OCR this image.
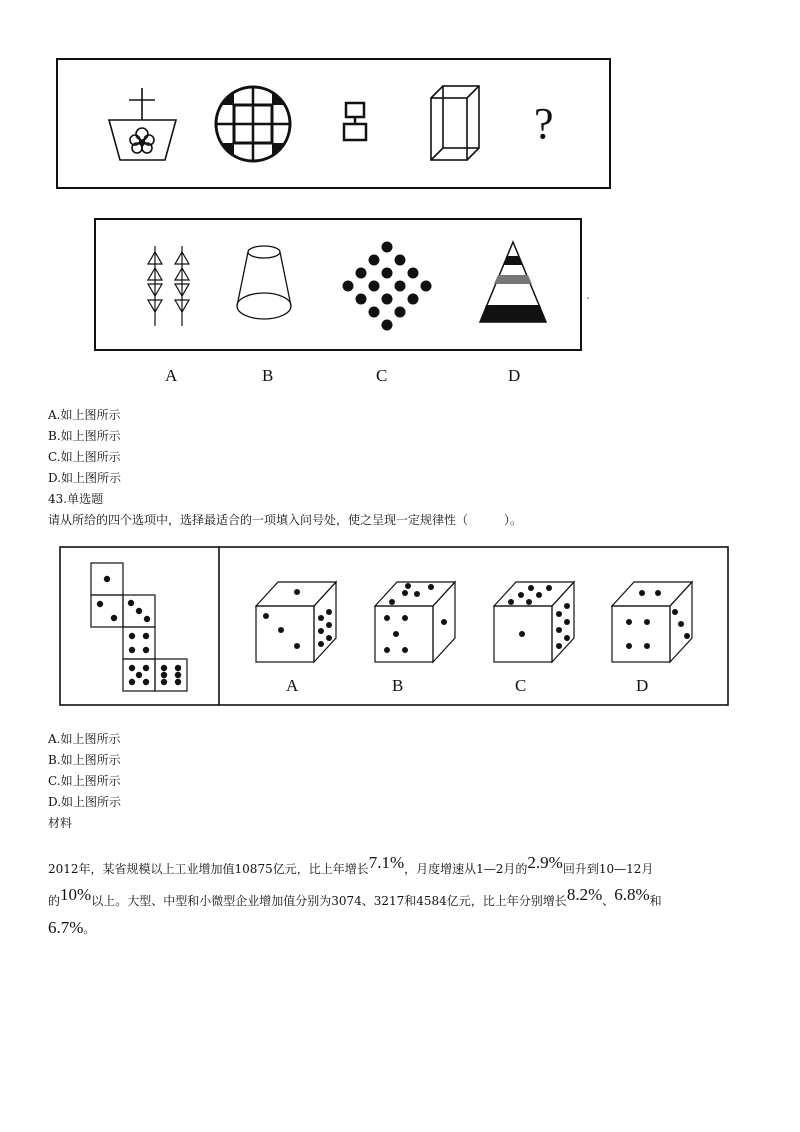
?
A	B	C	D
A.如上图所示
B.如上图所示
C.如上图所示
D.如上图所示
43.单选题
请从所给的四个选项中，选择最适合的一项填入问号处，使之呈现一定规律性（　　　）。
A	B	C	D
A.如上图所示
B.如上图所示
C.如上图所示
D.如上图所示
材料
2012年，某省规模以上工业增加值10875亿元，比上年增长7.1%，月度增速从1—2月的2.9%回升到10—12月
的10%以上。大型、中型和小微型企业增加值分别为3074、3217和4584亿元，比上年分别增长8.2%、6.8%和
6.7%。
